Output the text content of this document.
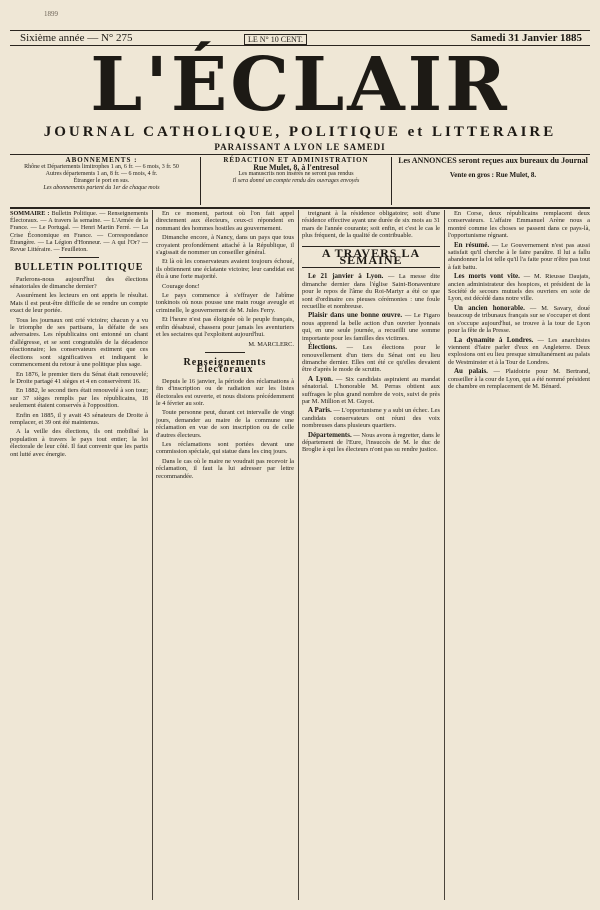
1899
Sixième année — N° 275	LE N° 10 CENT.	Samedi 31 Janvier 1885
L'ÉCLAIR
JOURNAL CATHOLIQUE, POLITIQUE et LITTERAIRE
PARAISSANT A LYON LE SAMEDI
ABONNEMENTS :
Rhône et Départements limitrophes 1 an, 6 fr. — 6 mois, 3 fr. 50
Autres départements 1 an, 8 fr. — 6 mois, 4 fr.
Étranger le port en sus.
Les abonnements partent du 1er de chaque mois
RÉDACTION ET ADMINISTRATION
Rue Mulet, 8, à l'entresol
Les manuscrits non insérés ne seront pas rendus
Il sera donné un compte rendu des ouvrages envoyés
Les ANNONCES seront reçues aux bureaux du Journal
Vente en gros : Rue Mulet, 8.
SOMMAIRE : Bulletin Politique. — Renseignements Électoraux. — A travers la semaine. — L'Armée de la France. — Le Portugal. — Henri Martin Ferré. — La Crise Économique en France. — Correspondance Étrangère. — La Légion d'Honneur. — A qui l'Or? — Revue Littéraire. — Feuilleton.
BULLETIN POLITIQUE

Parlerons-nous aujourd'hui des élections sénatoriales de dimanche dernier?

Assurément les lecteurs en ont appris le résultat. Mais il est peut-être difficile de se rendre un compte exact de leur portée.

Tous les journaux ont crié victoire; chacun y a vu le triomphe de ses partisans, la défaite de ses adversaires. Les républicains ont entonné un chant d'allégresse, et se sont congratulés de la décadence réactionnaire; les conservateurs estiment que ces élections sont significatives et indiquent le commencement du retour à une politique plus sage.

En 1876, le premier tiers du Sénat était renouvelé; le Droite partagé 41 sièges et 4 en conservèrent 16.

En 1882, le second tiers était renouvelé à son tour; sur 37 sièges remplis par les républicains, 18 seulement étaient conservés à l'opposition.

Enfin en 1885, il y avait 43 sénateurs de Droite à remplacer, et 39 ont été maintenus.

A la veille des élections, ils ont mobilisé la population à travers le pays tout entier; la loi électorale de leur côté. Il faut convenir que les partis ont lutté avec énergie.

En ce moment, partout où l'on fait appel directement aux électeurs, ceux-ci répondent en nommant des hommes hostiles au gouvernement.

Dimanche encore, à Nancy, dans un pays que tous croyaient profondément attaché à la République, il s'agissait de nommer un conseiller général.

Et là où les conservateurs avaient toujours échoué, ils obtiennent une éclatante victoire; leur candidat est élu à une forte majorité.

Courage donc!

Le pays commence à s'effrayer de l'abîme tonkinois où nous pousse une main rouge aveugle et criminelle, le gouvernement de M. Jules Ferry.

Et l'heure n'est pas éloignée où le peuple français, enfin désabusé, chassera pour jamais les aventuriers et les sectaires qui l'exploitent aujourd'hui.

M. MARCLERC.

Renseignements Électoraux

Depuis le 16 janvier, la période des réclamations à fin d'inscription ou de radiation sur les listes électorales est ouverte, et nous disions précédemment le 4 février au soir.

Toute personne peut, durant cet intervalle de vingt jours, demander au maire de la commune une réclamation en vue de son inscription ou de celle d'autres électeurs.

Les réclamations sont portées devant une commission spéciale, qui statue dans les cinq jours.

Dans le cas où le maire ne voudrait pas recevoir la réclamation, il faut la lui adresser par lettre recommandée.

treignant à la résidence obligatoire; soit d'une résidence effective ayant une durée de six mois au 31 mars de l'année courante; soit enfin, et c'est le cas le plus fréquent, de la qualité de contribuable.

A TRAVERS LA SEMAINE

Le 21 janvier à Lyon. — La messe dite dimanche dernier dans l'église Saint-Bonaventure pour le repos de l'âme du Roi-Martyr a été ce que sont d'ordinaire ces pieuses cérémonies : une foule recueillie et nombreuse.

Plaisir dans une bonne œuvre. — Le Figaro nous apprend la belle action d'un ouvrier lyonnais qui, en une seule journée, a recueilli une somme importante pour les familles des victimes.

Élections. — Les élections pour le renouvellement d'un tiers du Sénat ont eu lieu dimanche dernier. Elles ont été ce qu'elles devaient être d'après le mode de scrutin.

A Lyon. — Six candidats aspiraient au mandat sénatorial. L'honorable M. Perras obtient aux suffrages le plus grand nombre de voix, suivi de près par M. Million et M. Guyot.

A Paris. — L'opportunisme y a subi un échec. Les candidats conservateurs ont réuni des voix nombreuses dans plusieurs quartiers.

Départements. — Nous avons à regretter, dans le département de l'Eure, l'insuccès de M. le duc de Broglie à qui les électeurs n'ont pas su rendre justice.

En Corse, deux républicains remplacent deux conservateurs. L'affaire Emmanuel Arène nous a montré comme les choses se passent dans ce pays-là, l'opportunisme régnant.

En résumé. — Le Gouvernement n'est pas aussi satisfait qu'il cherche à le faire paraître. Il lui a fallu abandonner la loi telle qu'il l'a faite pour n'être pas tout à fait battu.

Les morts vont vite. — M. Rieusse Daujats, ancien administrateur des hospices, et président de la Société de secours mutuels des ouvriers en soie de Lyon, est décédé dans notre ville.

Un ancien honorable. — M. Savary, doué beaucoup de tribunaux français sur se s'occuper et dont on s'occupe aujourd'hui, se trouve à la tour de Lyon pour la fête de la Presse.

La dynamite à Londres. — Les anarchistes viennent d'faire parler d'eux en Angleterre. Deux explosions ont eu lieu presque simultanément au palais de Westminster et à la Tour de Londres.

Au palais. — Plaidoirie pour M. Bertrand, conseiller à la cour de Lyon, qui a été nommé président de chambre en remplacement de M. Bénard.
